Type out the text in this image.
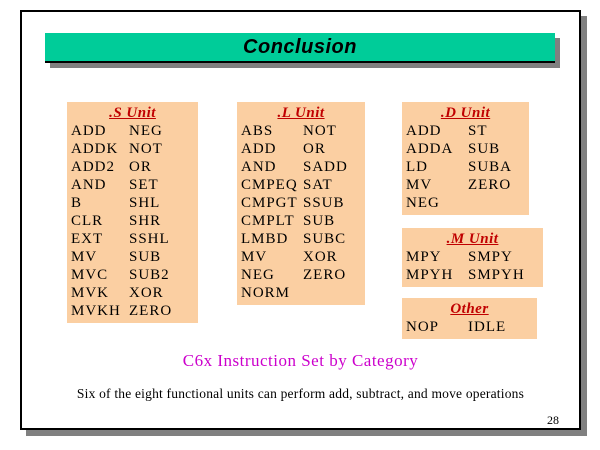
Conclusion
.S Unit
ADD
ADDK
ADD2
AND
B
CLR
EXT
MV
MVC
MVK
MVKH
NEG
NOT
OR
SET
SHL
SHR
SSHL
SUB
SUB2
XOR
ZERO
.L Unit
ABS
ADD
AND
CMPEQ
CMPGT
CMPLT
LMBD
MV
NEG
NORM
NOT
OR
SADD
SAT
SSUB
SUB
SUBC
XOR
ZERO
.D Unit
ADD
ADDA
LD
MV
NEG
ST
SUB
SUBA
ZERO
.M Unit
MPY
MPYH
SMPY
SMPYH
Other
NOP	IDLE
C6x Instruction Set by Category
Six of the eight functional units can perform add, subtract, and move operations
28
